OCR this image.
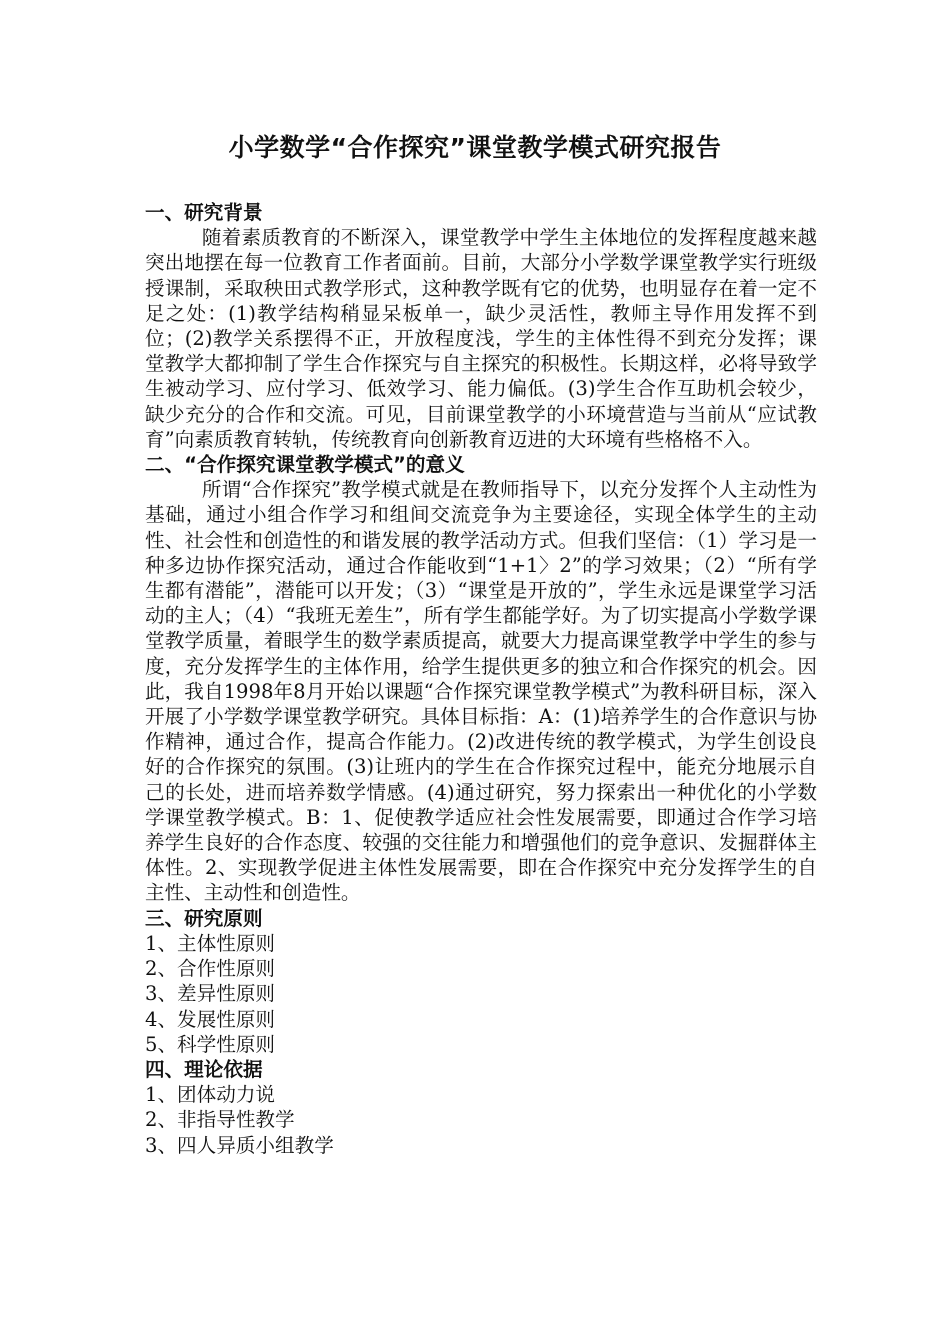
小学数学“合作探究”课堂教学模式研究报告
一、研究背景

随着素质教育的不断深入，课堂教学中学生主体地位的发挥程度越来越突出地摆在每一位教育工作者面前。目前，大部分小学数学课堂教学实行班级授课制，采取秧田式教学形式，这种教学既有它的优势，也明显存在着一定不足之处：(1)教学结构稍显呆板单一，缺少灵活性，教师主导作用发挥不到位；(2)教学关系摆得不正，开放程度浅，学生的主体性得不到充分发挥；课堂教学大都抑制了学生合作探究与自主探究的积极性。长期这样，必将导致学生被动学习、应付学习、低效学习、能力偏低。(3)学生合作互助机会较少，缺少充分的合作和交流。可见，目前课堂教学的小环境营造与当前从“应试教育”向素质教育转轨，传统教育向创新教育迈进的大环境有些格格不入。

二、“合作探究课堂教学模式”的意义

所谓“合作探究”教学模式就是在教师指导下，以充分发挥个人主动性为基础，通过小组合作学习和组间交流竞争为主要途径，实现全体学生的主动性、社会性和创造性的和谐发展的教学活动方式。但我们坚信：（1）学习是一种多边协作探究活动，通过合作能收到“1+1〉2”的学习效果；（2）“所有学生都有潜能”，潜能可以开发；（3）“课堂是开放的”，学生永远是课堂学习活动的主人；（4）“我班无差生”，所有学生都能学好。为了切实提高小学数学课堂教学质量，着眼学生的数学素质提高，就要大力提高课堂教学中学生的参与度，充分发挥学生的主体作用，给学生提供更多的独立和合作探究的机会。因此，我自1998年8月开始以课题“合作探究课堂教学模式”为教科研目标，深入开展了小学数学课堂教学研究。具体目标指：A：(1)培养学生的合作意识与协作精神，通过合作，提高合作能力。(2)改进传统的教学模式，为学生创设良好的合作探究的氛围。(3)让班内的学生在合作探究过程中，能充分地展示自己的长处，进而培养数学情感。(4)通过研究，努力探索出一种优化的小学数学课堂教学模式。B：1、促使教学适应社会性发展需要，即通过合作学习培养学生良好的合作态度、较强的交往能力和增强他们的竞争意识、发掘群体主体性。2、实现教学促进主体性发展需要，即在合作探究中充分发挥学生的自主性、主动性和创造性。

三、研究原则
1、主体性原则
2、合作性原则
3、差异性原则
4、发展性原则
5、科学性原则
四、理论依据
1、团体动力说
2、非指导性教学
3、四人异质小组教学
